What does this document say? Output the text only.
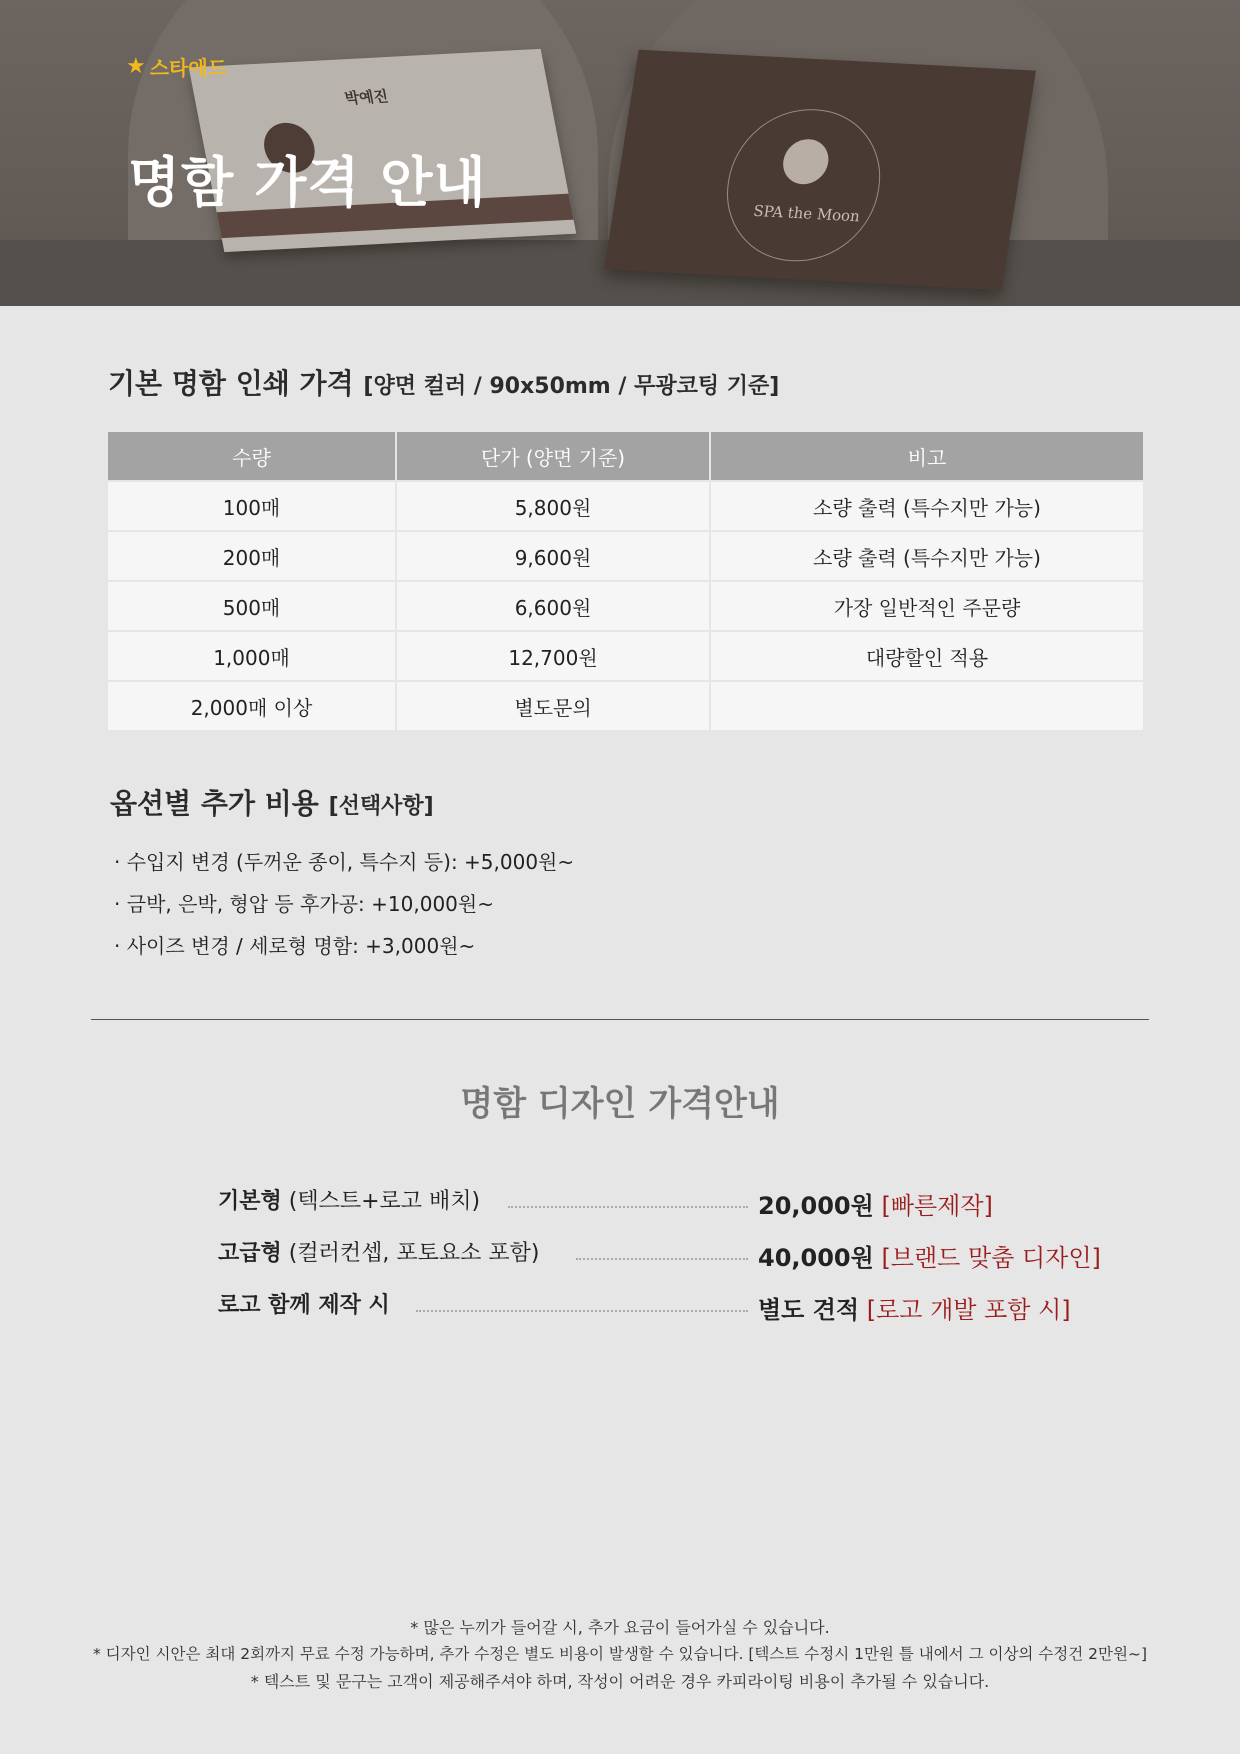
박예진
SPA the Moon
★ 스타애드
명함 가격 안내
기본 명함 인쇄 가격 [양면 컬러 / 90x50mm / 무광코팅 기준]
수량	단가 (양면 기준)	비고
100매	5,800원	소량 출력 (특수지만 가능)
200매	9,600원	소량 출력 (특수지만 가능)
500매	6,600원	가장 일반적인 주문량
1,000매	12,700원	대량할인 적용
2,000매 이상	별도문의	
옵션별 추가 비용 [선택사항]
· 수입지 변경 (두꺼운 종이, 특수지 등): +5,000원~
· 금박, 은박, 형압 등 후가공: +10,000원~
· 사이즈 변경 / 세로형 명함: +3,000원~
명함 디자인 가격안내
기본형 (텍스트+로고 배치)	20,000원 [빠른제작]
고급형 (컬러컨셉, 포토요소 포함)	40,000원 [브랜드 맞춤 디자인]
로고 함께 제작 시	별도 견적 [로고 개발 포함 시]
* 많은 누끼가 들어갈 시, 추가 요금이 들어가실 수 있습니다.
* 디자인 시안은 최대 2회까지 무료 수정 가능하며, 추가 수정은 별도 비용이 발생할 수 있습니다. [텍스트 수정시 1만원 틀 내에서 그 이상의 수정건 2만원~]
* 텍스트 및 문구는 고객이 제공해주셔야 하며, 작성이 어려운 경우 카피라이팅 비용이 추가될 수 있습니다.
